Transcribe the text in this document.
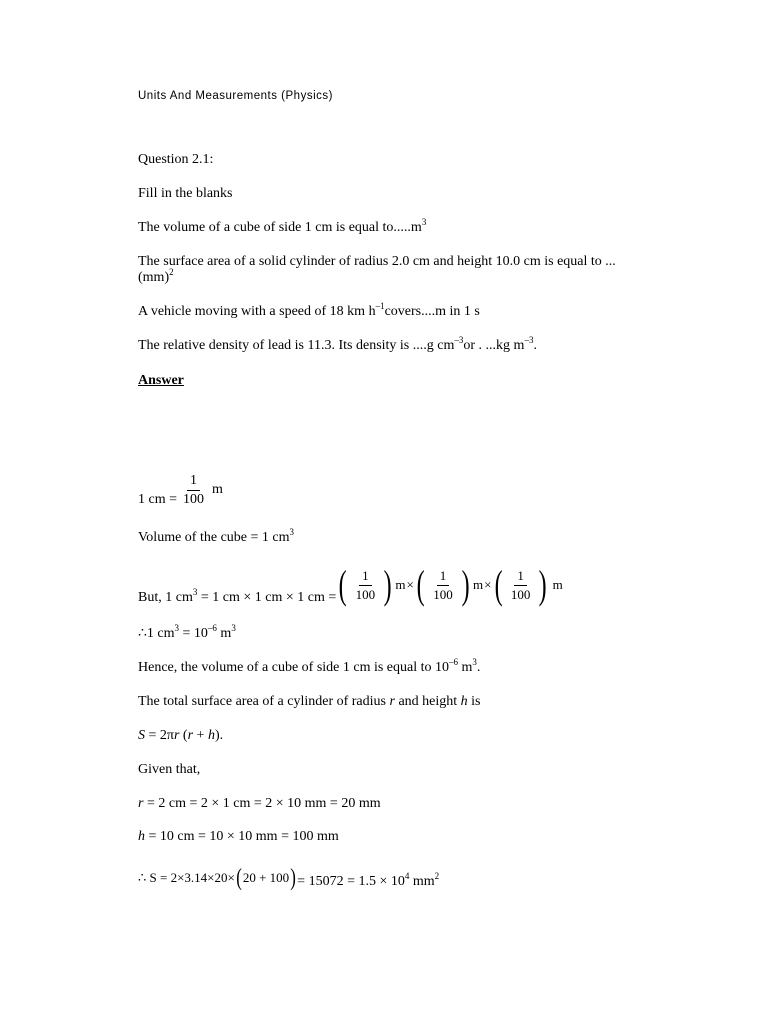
Units And Measurements (Physics)
Question 2.1:
Fill in the blanks
The volume of a cube of side 1 cm is equal $to.....m^3$
The surface area of a solid cylinder of radius 2.0 cm and height 10.0 cm is equal to ...
(mm)$^2$
A vehicle moving with a speed of 18 km $h^{-1}covers....m$ in 1 s
The relative density of lead is 11.3. Its density is ....g $cm^{-3}or$ . ...kg $m^{-3}$.
Answer
1 cm = $\frac{1}{100}$ m
Volume of the cube = 1 $cm^3$
But, 1 $cm^3 = 1$ cm × 1 cm × 1 cm = ( $\frac{1}{100}$ ) m × ( $\frac{1}{100}$ ) m × ( $\frac{1}{100}$ ) m
∴1 $cm^3 = 10^{-6}$ $m^3$
Hence, the volume of a cube of side 1 cm is equal to $10^{-6}$ $m^3$.
The total surface area of a cylinder of radius r and height h is
S = 2πr (r + h).
Given that,
r = 2 cm = 2 × 1 cm = 2 × 10 mm = 20 mm
h = 10 cm = 10 × 10 mm = 100 mm
∴ S = 2×3.14×20× ( 20 + 100 ) = $15072 = 1.5 \times 10^4$ $mm^2$
